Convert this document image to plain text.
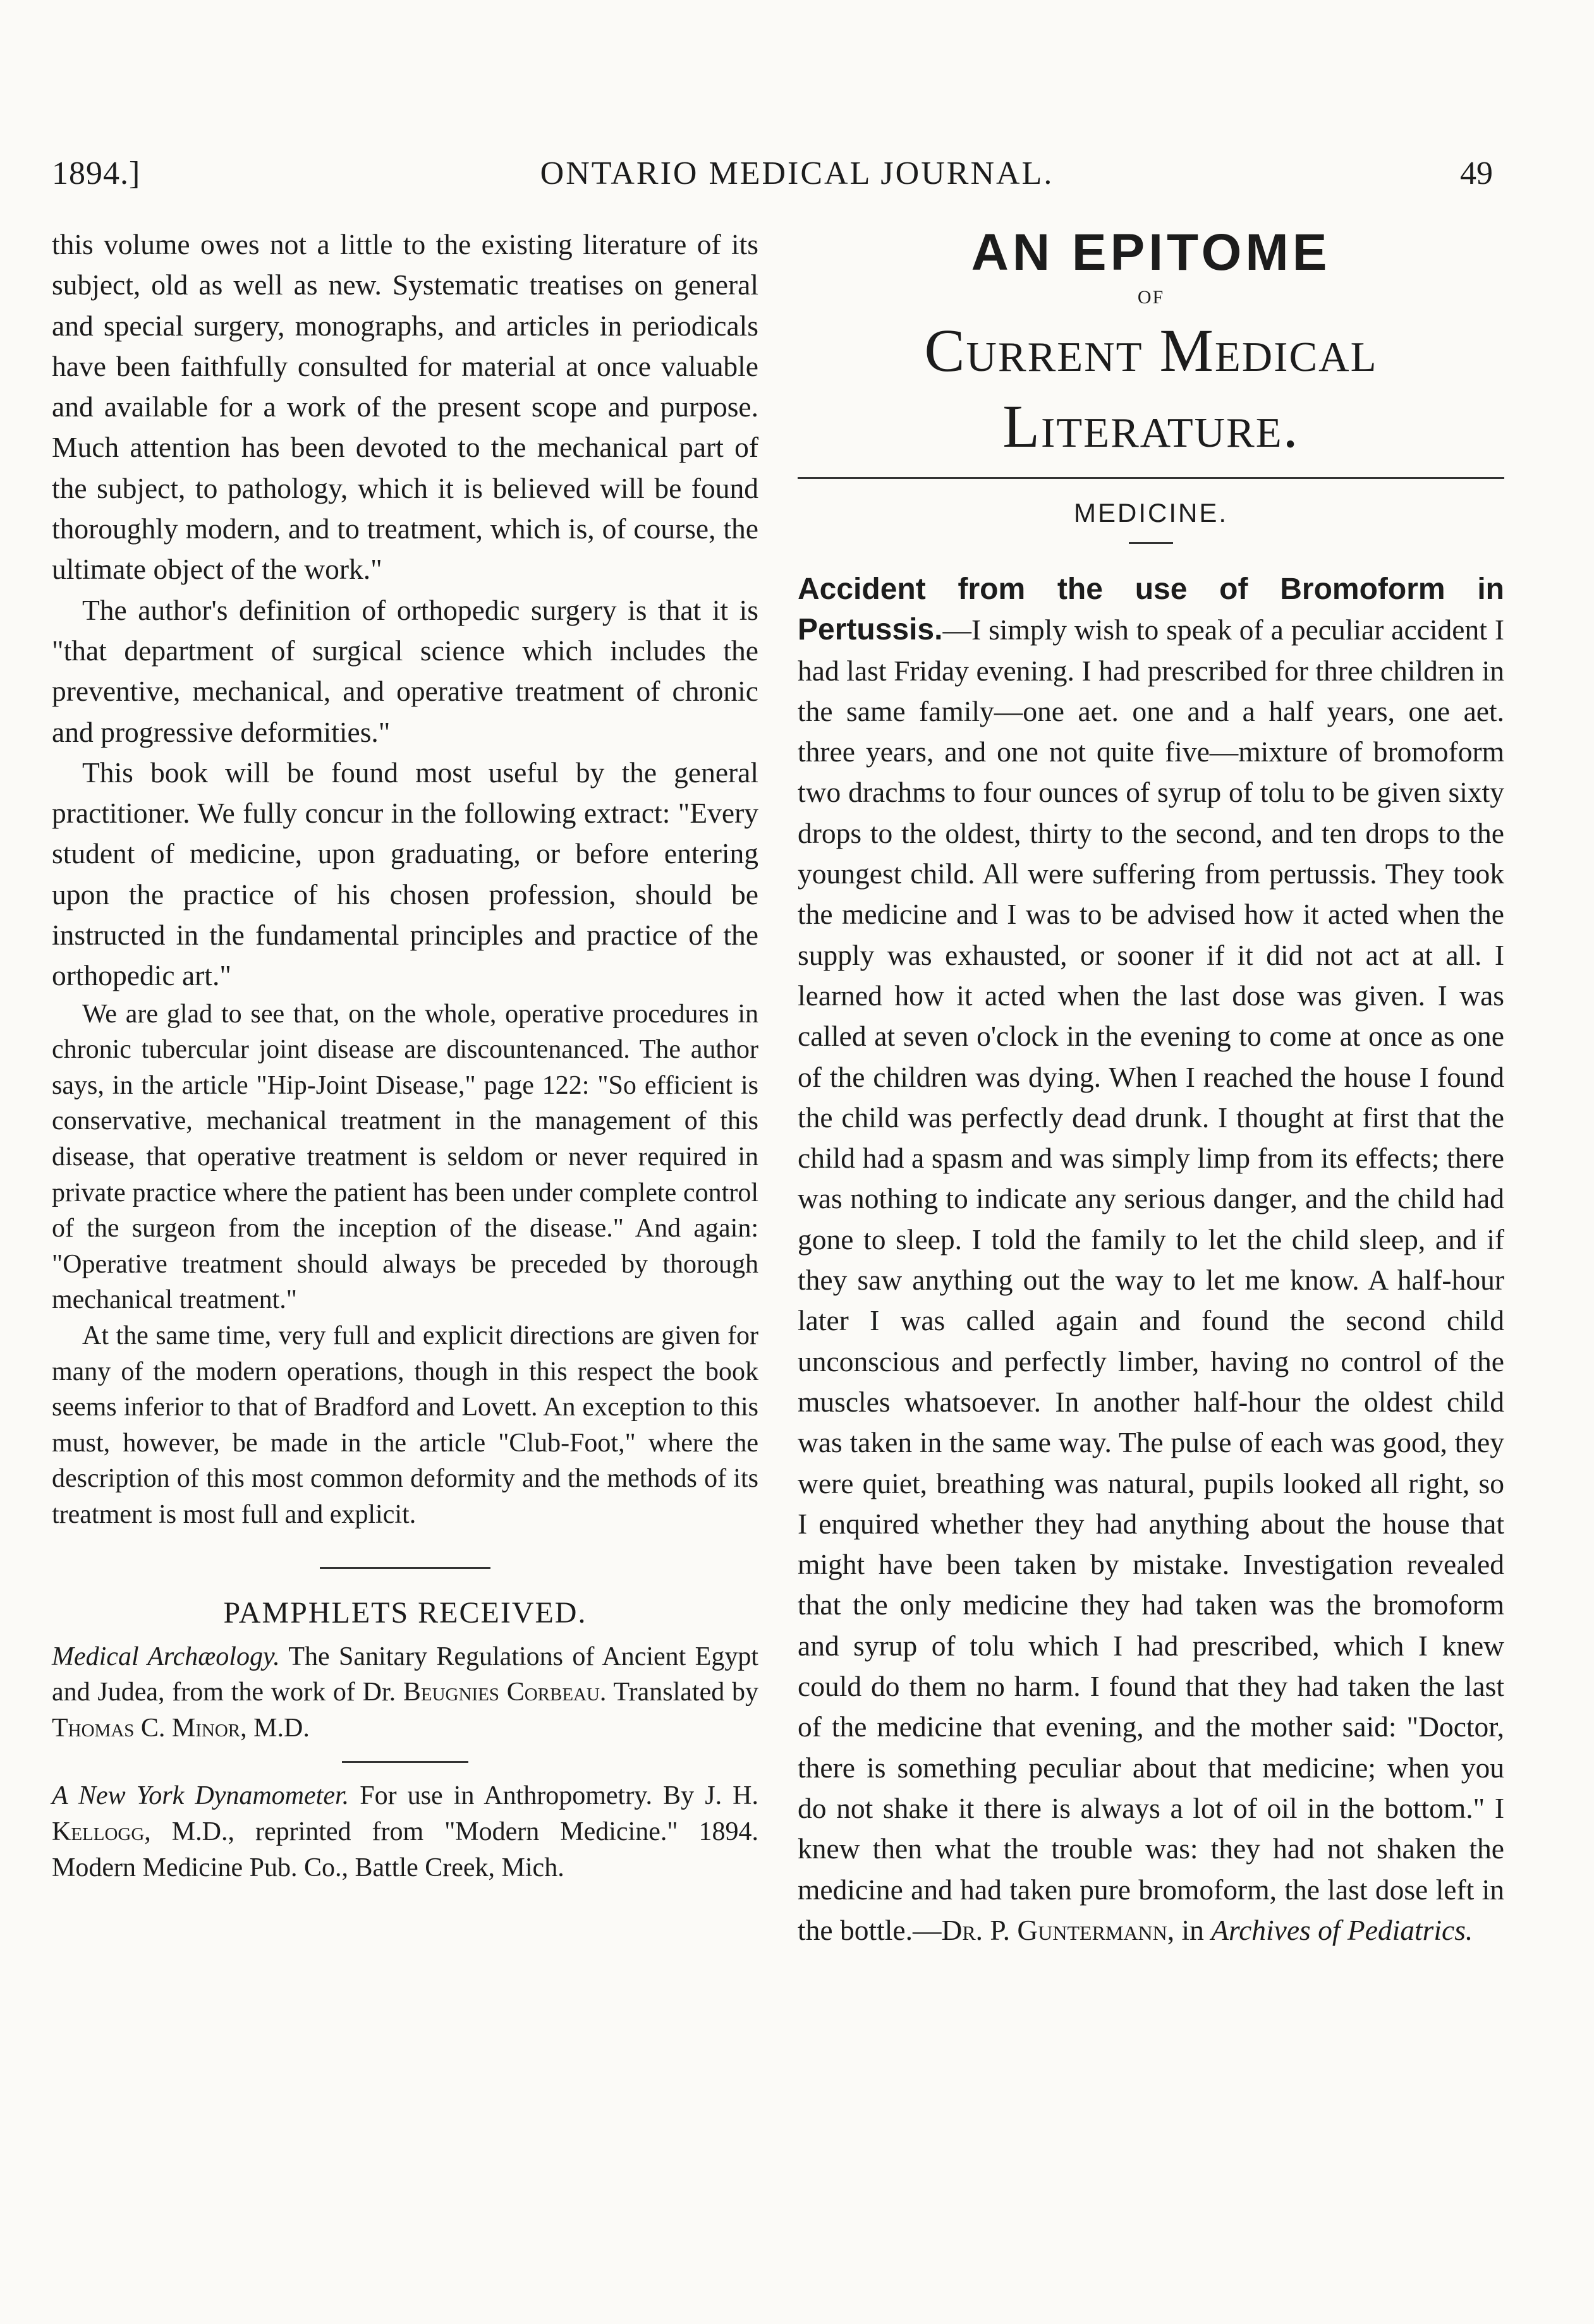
1894.]	ONTARIO MEDICAL JOURNAL.	49

this volume owes not a little to the existing literature of its subject, old as well as new. Systematic treatises on general and special surgery, monographs, and articles in periodicals have been faithfully consulted for material at once valuable and available for a work of the present scope and purpose. Much attention has been devoted to the mechanical part of the subject, to pathology, which it is believed will be found thoroughly modern, and to treatment, which is, of course, the ultimate object of the work."

The author's definition of orthopedic surgery is that it is "that department of surgical science which includes the preventive, mechanical, and operative treatment of chronic and progressive deformities."

This book will be found most useful by the general practitioner. We fully concur in the following extract: "Every student of medicine, upon graduating, or before entering upon the practice of his chosen profession, should be instructed in the fundamental principles and practice of the orthopedic art."

We are glad to see that, on the whole, operative procedures in chronic tubercular joint disease are discountenanced. The author says, in the article "Hip-Joint Disease," page 122: "So efficient is conservative, mechanical treatment in the management of this disease, that operative treatment is seldom or never required in private practice where the patient has been under complete control of the surgeon from the inception of the disease." And again: "Operative treatment should always be preceded by thorough mechanical treatment."

At the same time, very full and explicit directions are given for many of the modern operations, though in this respect the book seems inferior to that of Bradford and Lovett. An exception to this must, however, be made in the article "Club-Foot," where the description of this most common deformity and the methods of its treatment is most full and explicit.

PAMPHLETS RECEIVED.

Medical Archæology. The Sanitary Regulations of Ancient Egypt and Judea, from the work of Dr. Beugnies Corbeau. Translated by Thomas C. Minor, M.D.

A New York Dynamometer. For use in Anthropometry. By J. H. Kellogg, M.D., reprinted from "Modern Medicine." 1894. Modern Medicine Pub. Co., Battle Creek, Mich.

AN EPITOME

OF

Current Medical Literature.

MEDICINE.

Accident from the use of Bromoform in Pertussis.—I simply wish to speak of a peculiar accident I had last Friday evening. I had prescribed for three children in the same family—one aet. one and a half years, one aet. three years, and one not quite five—mixture of bromoform two drachms to four ounces of syrup of tolu to be given sixty drops to the oldest, thirty to the second, and ten drops to the youngest child. All were suffering from pertussis. They took the medicine and I was to be advised how it acted when the supply was exhausted, or sooner if it did not act at all. I learned how it acted when the last dose was given. I was called at seven o'clock in the evening to come at once as one of the children was dying. When I reached the house I found the child was perfectly dead drunk. I thought at first that the child had a spasm and was simply limp from its effects; there was nothing to indicate any serious danger, and the child had gone to sleep. I told the family to let the child sleep, and if they saw anything out the way to let me know. A half-hour later I was called again and found the second child unconscious and perfectly limber, having no control of the muscles whatsoever. In another half-hour the oldest child was taken in the same way. The pulse of each was good, they were quiet, breathing was natural, pupils looked all right, so I enquired whether they had anything about the house that might have been taken by mistake. Investigation revealed that the only medicine they had taken was the bromoform and syrup of tolu which I had prescribed, which I knew could do them no harm. I found that they had taken the last of the medicine that evening, and the mother said: "Doctor, there is something peculiar about that medicine; when you do not shake it there is always a lot of oil in the bottom." I knew then what the trouble was: they had not shaken the medicine and had taken pure bromoform, the last dose left in the bottle.—Dr. P. Guntermann, in Archives of Pediatrics.
